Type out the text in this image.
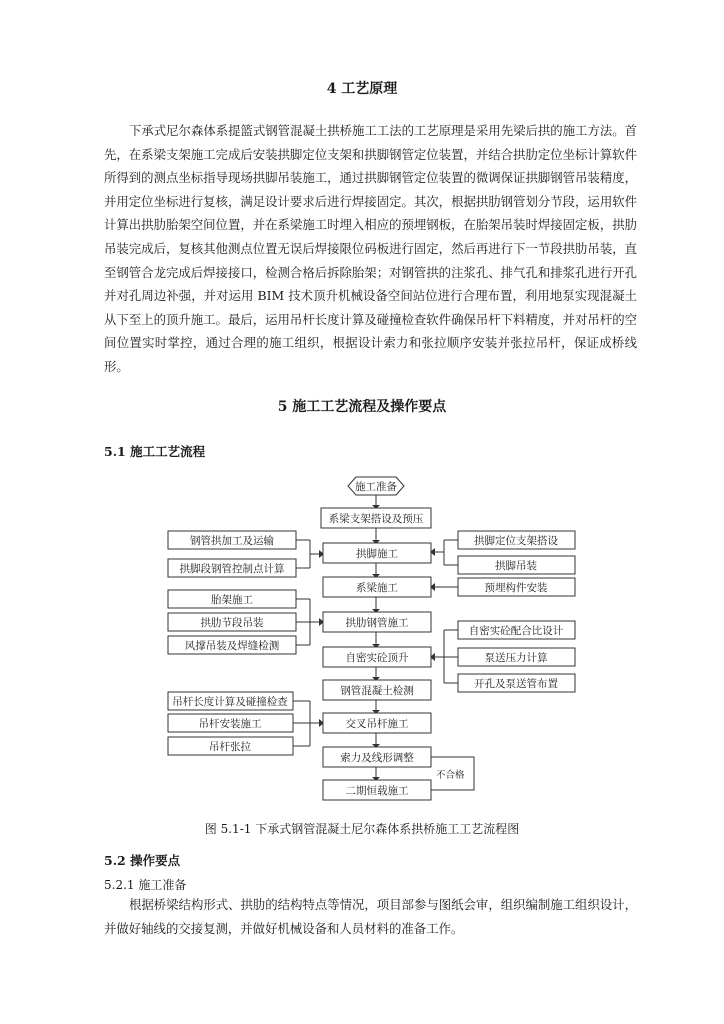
4 工艺原理
下承式尼尔森体系提篮式钢管混凝土拱桥施工工法的工艺原理是采用先梁后拱的施工方法。首先，在系梁支架施工完成后安装拱脚定位支架和拱脚钢管定位装置，并结合拱肋定位坐标计算软件所得到的测点坐标指导现场拱脚吊装施工，通过拱脚钢管定位装置的微调保证拱脚钢管吊装精度，并用定位坐标进行复核，满足设计要求后进行焊接固定。其次，根据拱肋钢管划分节段，运用软件计算出拱肋胎架空间位置，并在系梁施工时埋入相应的预埋钢板，在胎架吊装时焊接固定板，拱肋吊装完成后，复核其他测点位置无误后焊接限位码板进行固定，然后再进行下一节段拱肋吊装，直至钢管合龙完成后焊接接口，检测合格后拆除胎架；对钢管拱的注浆孔、排气孔和排浆孔进行开孔并对孔周边补强，并对运用 BIM 技术顶升机械设备空间站位进行合理布置，利用地泵实现混凝土从下至上的顶升施工。最后，运用吊杆长度计算及碰撞检查软件确保吊杆下料精度，并对吊杆的空间位置实时掌控，通过合理的施工组织，根据设计索力和张拉顺序安装并张拉吊杆，保证成桥线形。
5 施工工艺流程及操作要点
5.1 施工工艺流程
施工准备
系梁支架搭设及预压
拱脚施工
系梁施工
拱肋钢管施工
自密实砼顶升
钢管混凝土检测
交叉吊杆施工
索力及线形调整
二期恒载施工
钢管拱加工及运输
拱脚段钢管控制点计算
胎架施工
拱肋节段吊装
风撑吊装及焊缝检测
吊杆长度计算及碰撞检查
吊杆安装施工
吊杆张拉
拱脚定位支架搭设
拱脚吊装
预埋构件安装
自密实砼配合比设计
泵送压力计算
开孔及泵送管布置
不合格
图 5.1-1 下承式钢管混凝土尼尔森体系拱桥施工工艺流程图
5.2 操作要点
5.2.1 施工准备
根据桥梁结构形式、拱肋的结构特点等情况，项目部参与图纸会审，组织编制施工组织设计，并做好轴线的交接复测，并做好机械设备和人员材料的准备工作。
